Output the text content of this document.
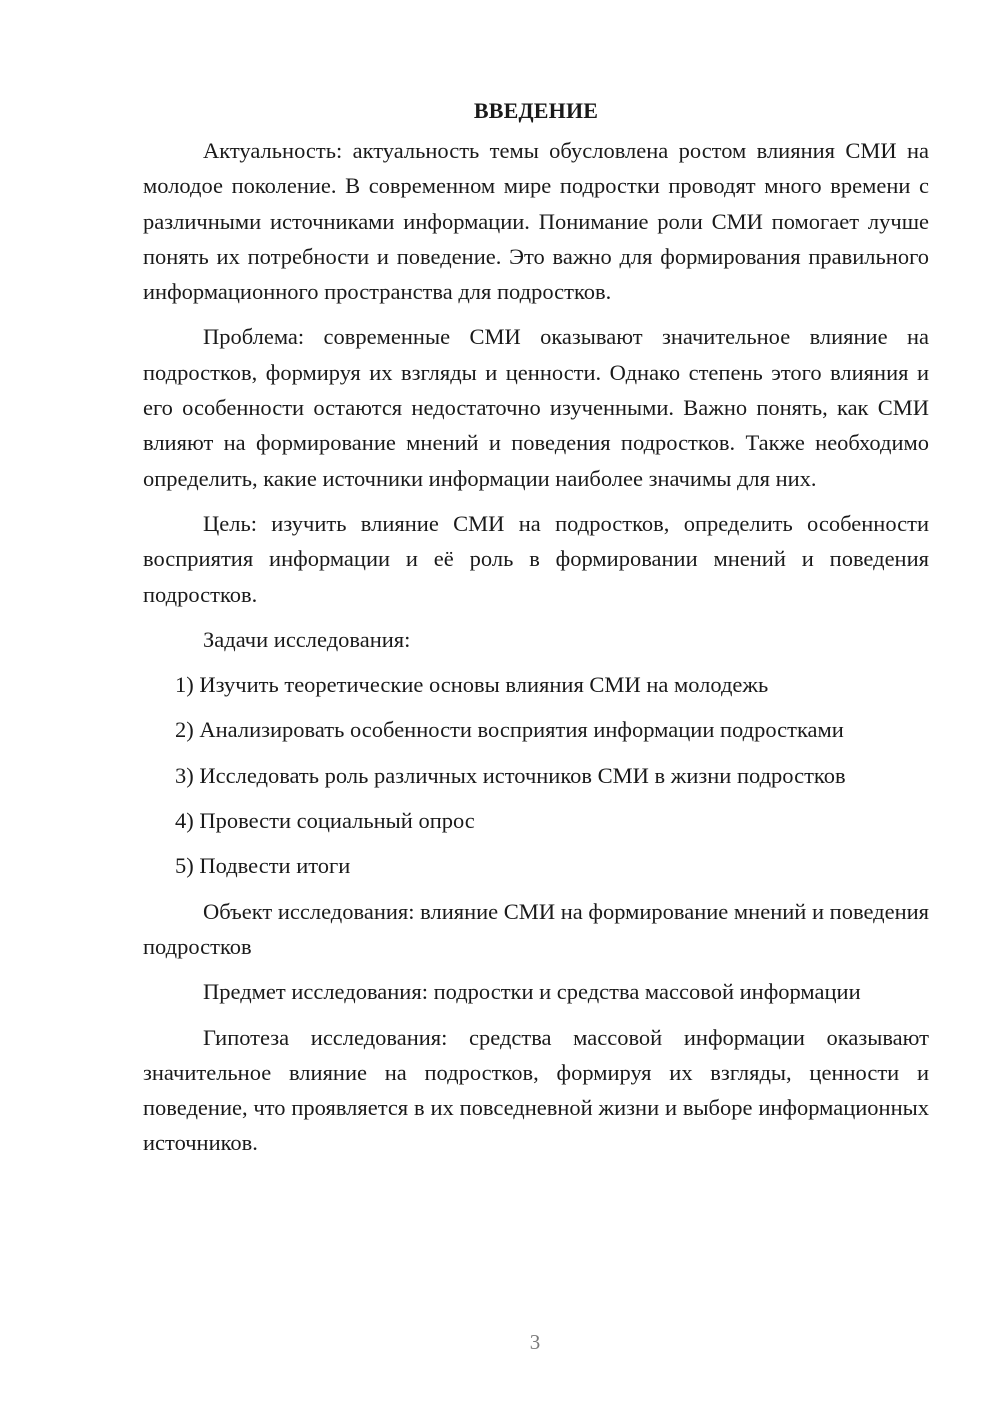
ВВЕДЕНИЕ

Актуальность: актуальность темы обусловлена ростом влияния СМИ на молодое поколение. В современном мире подростки проводят много времени с различными источниками информации. Понимание роли СМИ помогает лучше понять их потребности и поведение. Это важно для формирования правильного информационного пространства для подростков.

Проблема: современные СМИ оказывают значительное влияние на подростков, формируя их взгляды и ценности. Однако степень этого влияния и его особенности остаются недостаточно изученными. Важно понять, как СМИ влияют на формирование мнений и поведения подростков. Также необходимо определить, какие источники информации наиболее значимы для них.

Цель: изучить влияние СМИ на подростков, определить особенности восприятия информации и её роль в формировании мнений и поведения подростков.

Задачи исследования:
1) Изучить теоретические основы влияния СМИ на молодежь
2) Анализировать особенности восприятия информации подростками
3) Исследовать роль различных источников СМИ в жизни подростков
4) Провести социальный опрос
5) Подвести итоги

Объект исследования: влияние СМИ на формирование мнений и поведения подростков

Предмет исследования: подростки и средства массовой информации

Гипотеза исследования: средства массовой информации оказывают значительное влияние на подростков, формируя их взгляды, ценности и поведение, что проявляется в их повседневной жизни и выборе информационных источников.

3
